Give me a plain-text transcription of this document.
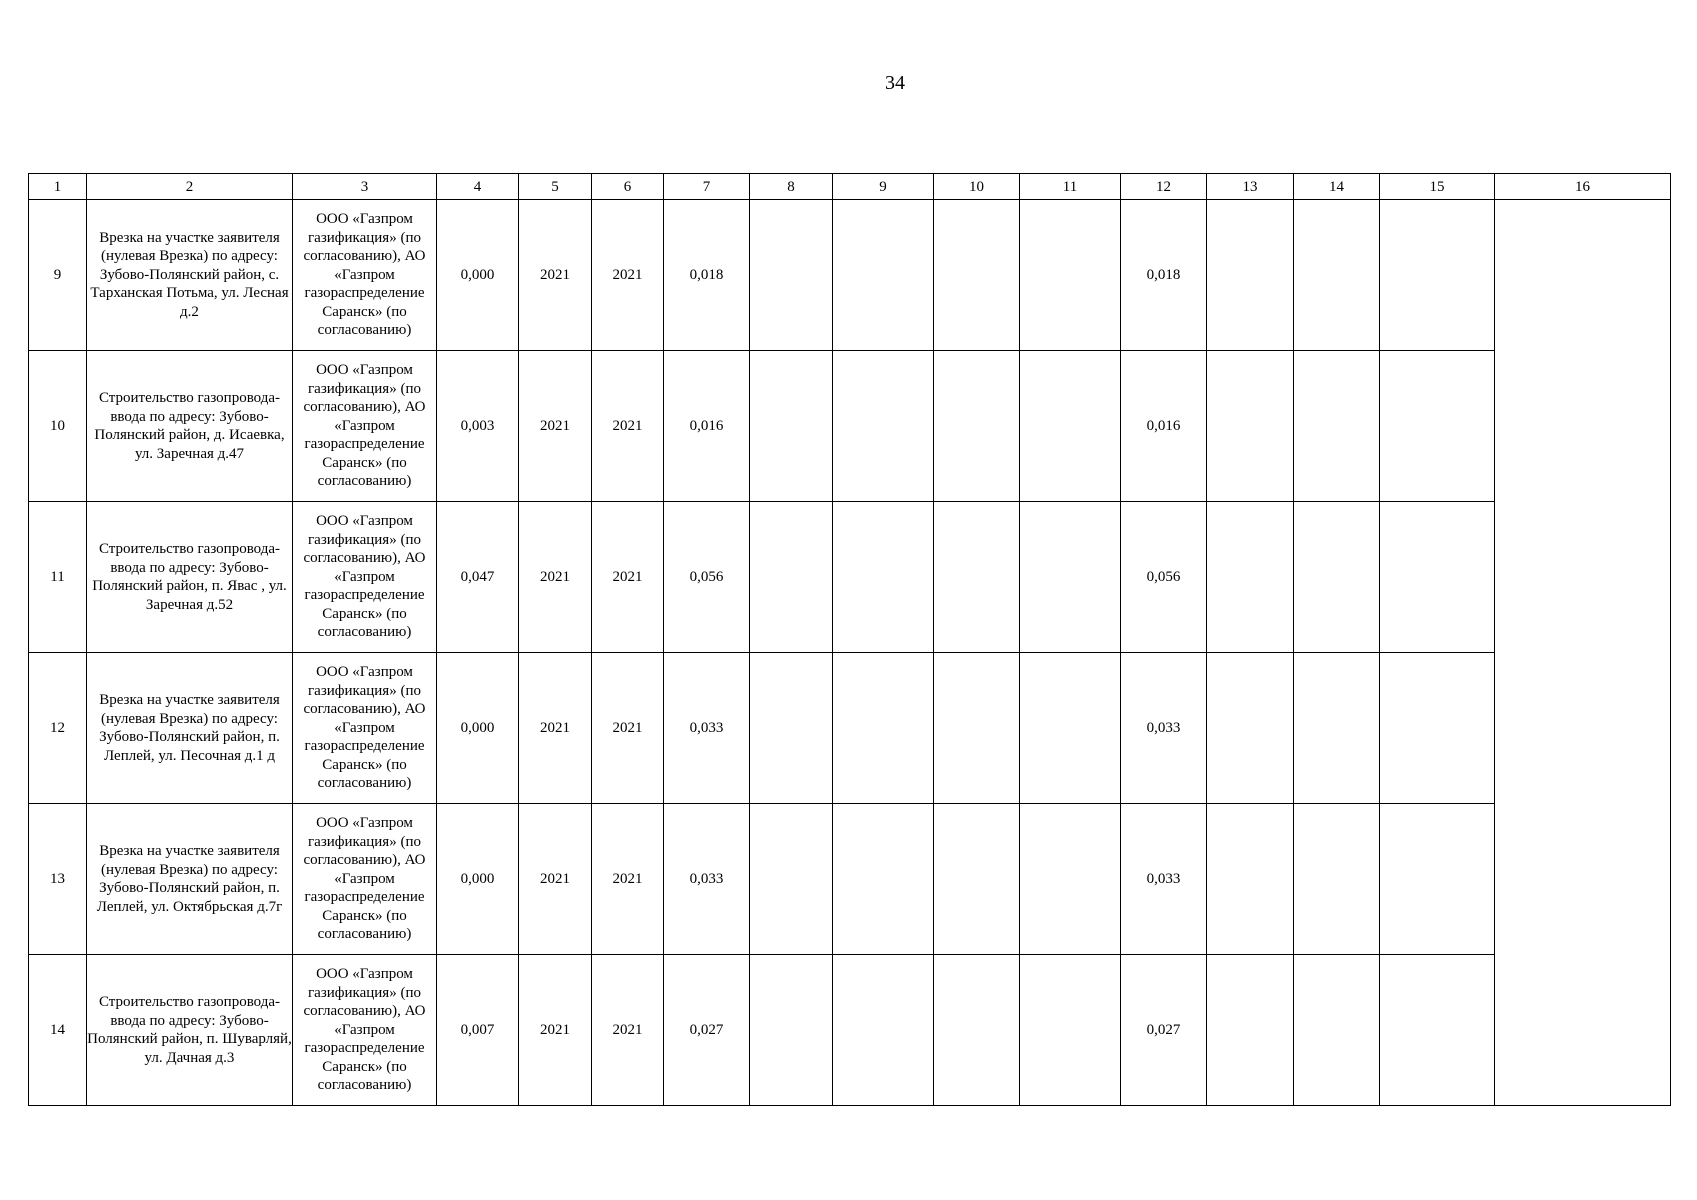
34
1	2	3	4	5	6	7	8	9	10	11	12	13	14	15	16
9	Врезка на участке заявителя (нулевая Врезка) по адресу: Зубово-Полянский район, с. Тарханская Потьма, ул. Лесная д.2	ООО «Газпром газификация» (по согласованию), АО «Газпром газораспределение Саранск» (по согласованию)	0,000	2021	2021	0,018					0,018				
10	Строительство газопровода-ввода по адресу: Зубово-Полянский район, д. Исаевка, ул. Заречная д.47	ООО «Газпром газификация» (по согласованию), АО «Газпром газораспределение Саранск» (по согласованию)	0,003	2021	2021	0,016					0,016				
11	Строительство газопровода-ввода по адресу: Зубово-Полянский район, п. Явас , ул. Заречная д.52	ООО «Газпром газификация» (по согласованию), АО «Газпром газораспределение Саранск» (по согласованию)	0,047	2021	2021	0,056					0,056				
12	Врезка на участке заявителя (нулевая Врезка) по адресу: Зубово-Полянский район, п. Леплей, ул. Песочная д.1 д	ООО «Газпром газификация» (по согласованию), АО «Газпром газораспределение Саранск» (по согласованию)	0,000	2021	2021	0,033					0,033				
13	Врезка на участке заявителя (нулевая Врезка) по адресу: Зубово-Полянский район, п. Леплей, ул. Октябрьская д.7г	ООО «Газпром газификация» (по согласованию), АО «Газпром газораспределение Саранск» (по согласованию)	0,000	2021	2021	0,033					0,033				
14	Строительство газопровода-ввода по адресу: Зубово-Полянский район, п. Шуварляй, ул. Дачная д.3	ООО «Газпром газификация» (по согласованию), АО «Газпром газораспределение Саранск» (по согласованию)	0,007	2021	2021	0,027					0,027				
